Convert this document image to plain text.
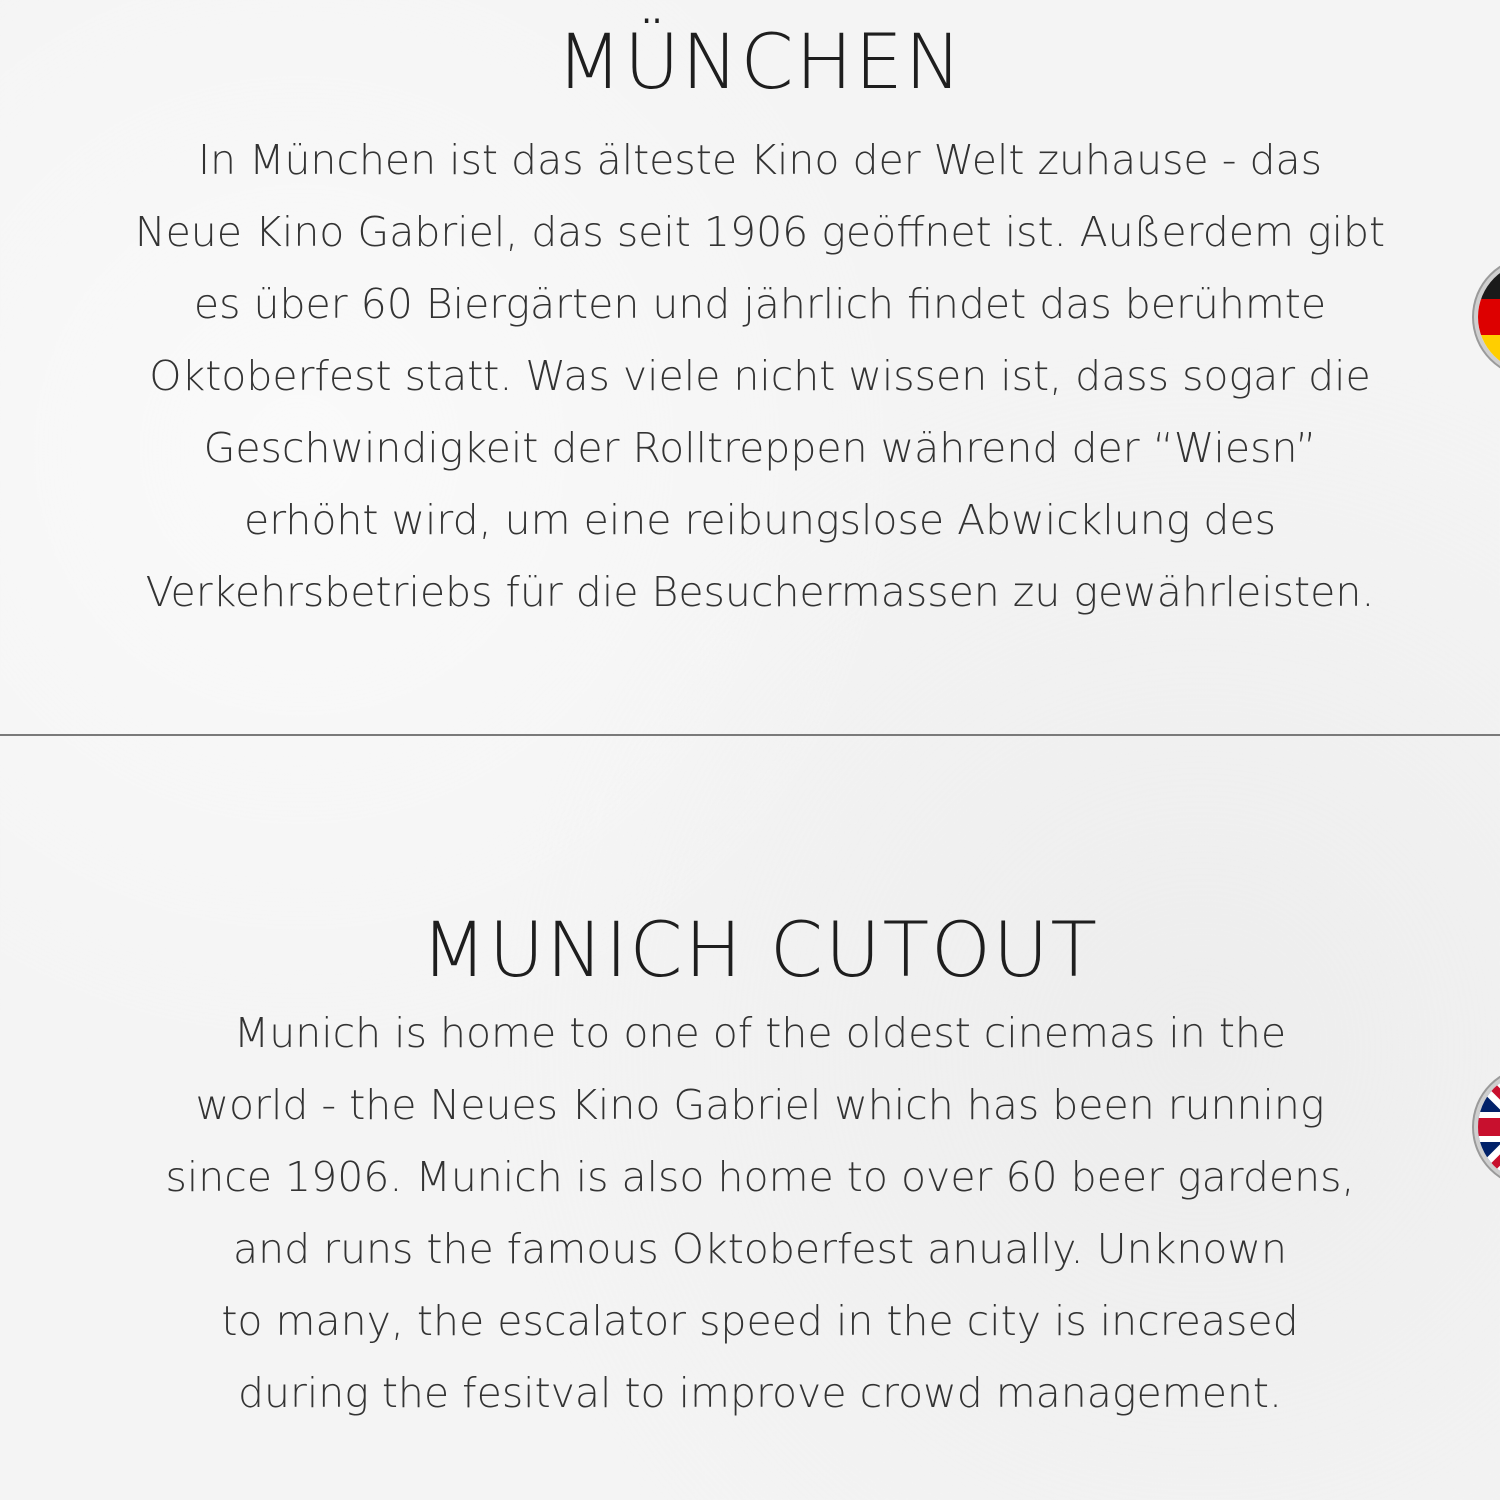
MÜNCHEN

In München ist das älteste Kino der Welt zuhause - das
Neue Kino Gabriel, das seit 1906 geöffnet ist. Außerdem gibt
es über 60 Biergärten und jährlich findet das berühmte
Oktoberfest statt. Was viele nicht wissen ist, dass sogar die
Geschwindigkeit der Rolltreppen während der “Wiesn”
erhöht wird, um eine reibungslose Abwicklung des
Verkehrsbetriebs für die Besuchermassen zu gewährleisten.

MUNICH CUTOUT

Munich is home to one of the oldest cinemas in the
world - the Neues Kino Gabriel which has been running
since 1906. Munich is also home to over 60 beer gardens,
and runs the famous Oktoberfest anually. Unknown
to many, the escalator speed in the city is increased
during the fesitval to improve crowd management.
